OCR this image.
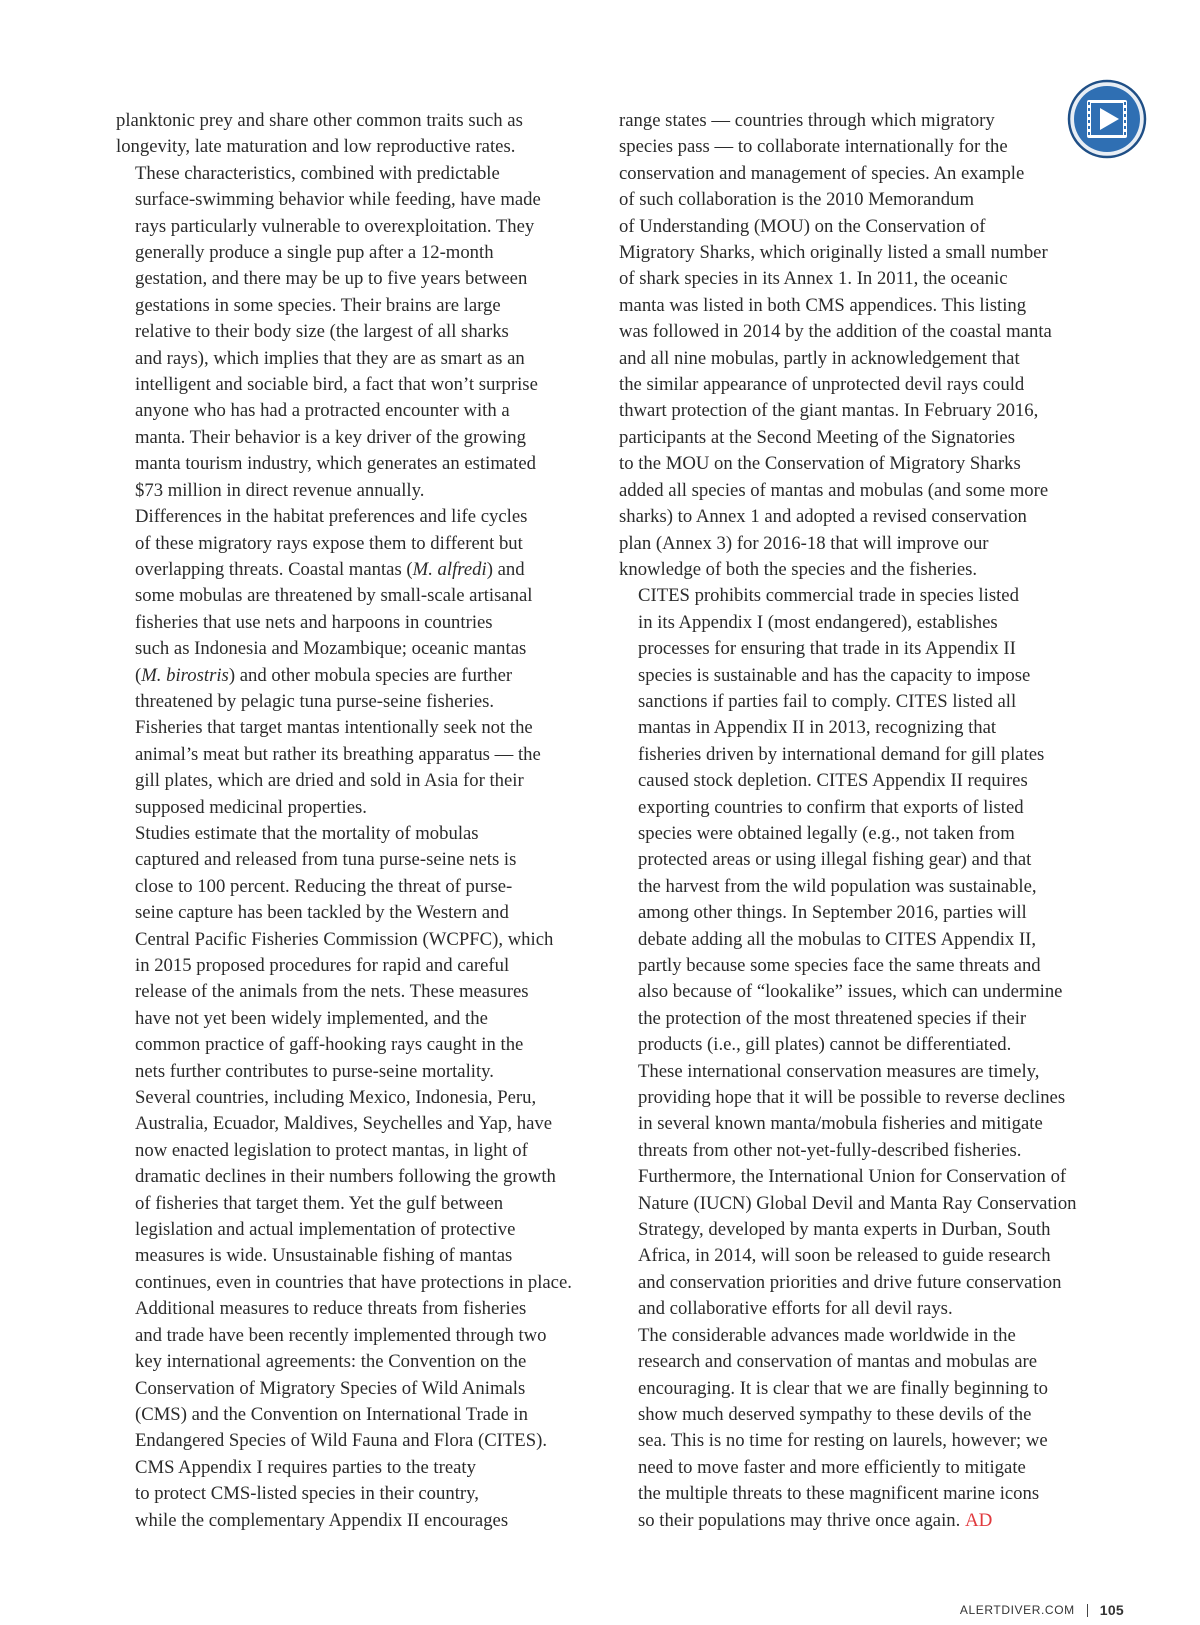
planktonic prey and share other common traits such as
longevity, late maturation and low reproductive rates.

These characteristics, combined with predictable
surface-swimming behavior while feeding, have made
rays particularly vulnerable to overexploitation. They
generally produce a single pup after a 12-month
gestation, and there may be up to five years between
gestations in some species. Their brains are large
relative to their body size (the largest of all sharks
and rays), which implies that they are as smart as an
intelligent and sociable bird, a fact that won’t surprise
anyone who has had a protracted encounter with a
manta. Their behavior is a key driver of the growing
manta tourism industry, which generates an estimated
$73 million in direct revenue annually.

Differences in the habitat preferences and life cycles
of these migratory rays expose them to different but
overlapping threats. Coastal mantas (M. alfredi) and
some mobulas are threatened by small-scale artisanal
fisheries that use nets and harpoons in countries
such as Indonesia and Mozambique; oceanic mantas
(M. birostris) and other mobula species are further
threatened by pelagic tuna purse-seine fisheries.
Fisheries that target mantas intentionally seek not the
animal’s meat but rather its breathing apparatus — the
gill plates, which are dried and sold in Asia for their
supposed medicinal properties.

Studies estimate that the mortality of mobulas
captured and released from tuna purse-seine nets is
close to 100 percent. Reducing the threat of purse-
seine capture has been tackled by the Western and
Central Pacific Fisheries Commission (WCPFC), which
in 2015 proposed procedures for rapid and careful
release of the animals from the nets. These measures
have not yet been widely implemented, and the
common practice of gaff-hooking rays caught in the
nets further contributes to purse-seine mortality.

Several countries, including Mexico, Indonesia, Peru,
Australia, Ecuador, Maldives, Seychelles and Yap, have
now enacted legislation to protect mantas, in light of
dramatic declines in their numbers following the growth
of fisheries that target them. Yet the gulf between
legislation and actual implementation of protective
measures is wide. Unsustainable fishing of mantas
continues, even in countries that have protections in place.

Additional measures to reduce threats from fisheries
and trade have been recently implemented through two
key international agreements: the Convention on the
Conservation of Migratory Species of Wild Animals
(CMS) and the Convention on International Trade in
Endangered Species of Wild Fauna and Flora (CITES).

CMS Appendix I requires parties to the treaty
to protect CMS-listed species in their country,
while the complementary Appendix II encourages

range states — countries through which migratory
species pass — to collaborate internationally for the
conservation and management of species. An example
of such collaboration is the 2010 Memorandum
of Understanding (MOU) on the Conservation of
Migratory Sharks, which originally listed a small number
of shark species in its Annex 1. In 2011, the oceanic
manta was listed in both CMS appendices. This listing
was followed in 2014 by the addition of the coastal manta
and all nine mobulas, partly in acknowledgement that
the similar appearance of unprotected devil rays could
thwart protection of the giant mantas. In February 2016,
participants at the Second Meeting of the Signatories
to the MOU on the Conservation of Migratory Sharks
added all species of mantas and mobulas (and some more
sharks) to Annex 1 and adopted a revised conservation
plan (Annex 3) for 2016-18 that will improve our
knowledge of both the species and the fisheries.

CITES prohibits commercial trade in species listed
in its Appendix I (most endangered), establishes
processes for ensuring that trade in its Appendix II
species is sustainable and has the capacity to impose
sanctions if parties fail to comply. CITES listed all
mantas in Appendix II in 2013, recognizing that
fisheries driven by international demand for gill plates
caused stock depletion. CITES Appendix II requires
exporting countries to confirm that exports of listed
species were obtained legally (e.g., not taken from
protected areas or using illegal fishing gear) and that
the harvest from the wild population was sustainable,
among other things. In September 2016, parties will
debate adding all the mobulas to CITES Appendix II,
partly because some species face the same threats and
also because of “lookalike” issues, which can undermine
the protection of the most threatened species if their
products (i.e., gill plates) cannot be differentiated.

These international conservation measures are timely,
providing hope that it will be possible to reverse declines
in several known manta/mobula fisheries and mitigate
threats from other not-yet-fully-described fisheries.
Furthermore, the International Union for Conservation of
Nature (IUCN) Global Devil and Manta Ray Conservation
Strategy, developed by manta experts in Durban, South
Africa, in 2014, will soon be released to guide research
and conservation priorities and drive future conservation
and collaborative efforts for all devil rays.

The considerable advances made worldwide in the
research and conservation of mantas and mobulas are
encouraging. It is clear that we are finally beginning to
show much deserved sympathy to these devils of the
sea. This is no time for resting on laurels, however; we
need to move faster and more efficiently to mitigate
the multiple threats to these magnificent marine icons
so their populations may thrive once again. AD

ALERTDIVER.COM 105
